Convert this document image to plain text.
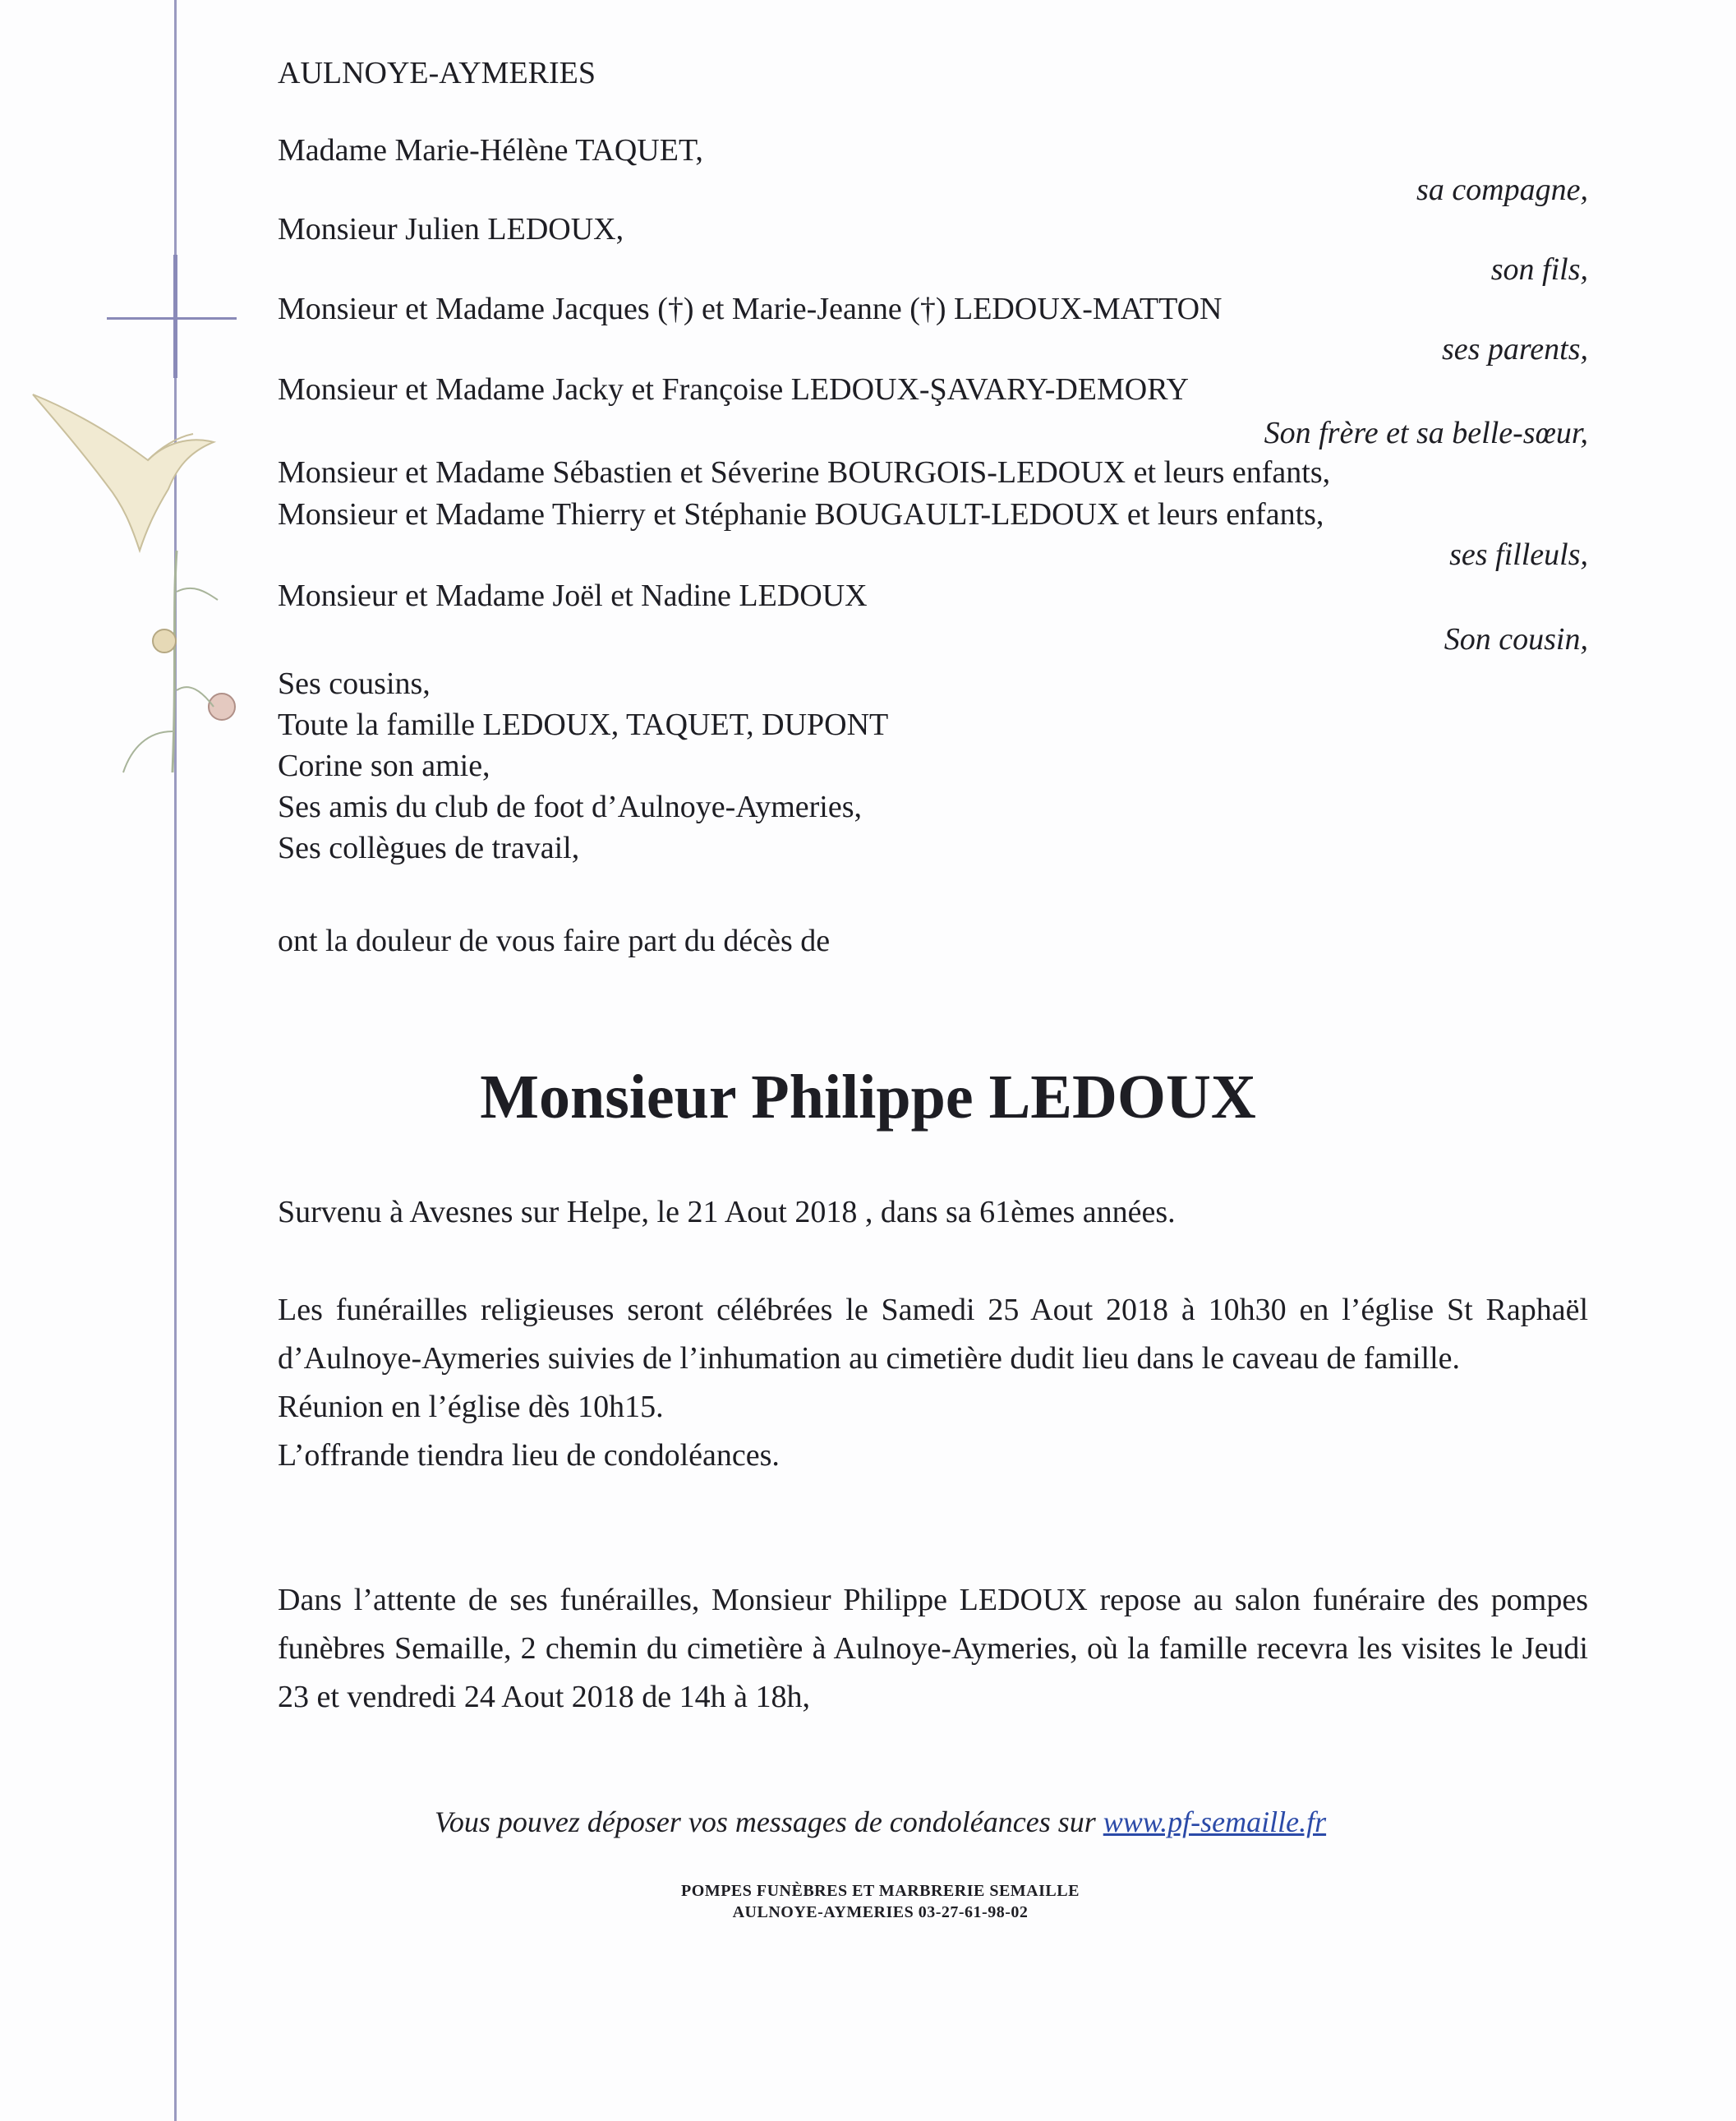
AULNOYE-AYMERIES
Madame Marie-Hélène TAQUET,
sa compagne,
Monsieur Julien LEDOUX,
son fils,
Monsieur et Madame Jacques (†) et Marie-Jeanne (†) LEDOUX-MATTON
ses parents,
Monsieur et Madame Jacky et Françoise LEDOUX-ŞAVARY-DEMORY
Son frère et sa belle-sœur,
Monsieur et Madame Sébastien et Séverine BOURGOIS-LEDOUX et leurs enfants,
Monsieur et Madame Thierry et Stéphanie BOUGAULT-LEDOUX et leurs enfants,
ses filleuls,
Monsieur et Madame Joël et Nadine LEDOUX
Son cousin,
Ses cousins,
Toute la famille LEDOUX, TAQUET, DUPONT
Corine son amie,
Ses amis du club de foot d’Aulnoye-Aymeries,
Ses collègues de travail,
ont la douleur de vous faire part du décès de
Monsieur Philippe LEDOUX
Survenu à Avesnes sur Helpe, le 21 Aout 2018 , dans sa 61èmes années.

Les funérailles religieuses seront célébrées le Samedi 25 Aout 2018 à 10h30 en l’église St Raphaël d’Aulnoye-Aymeries suivies de l’inhumation au cimetière dudit lieu dans le caveau de famille.

Réunion en l’église dès 10h15.

L’offrande tiendra lieu de condoléances.

Dans l’attente de ses funérailles, Monsieur Philippe LEDOUX repose au salon funéraire des pompes funèbres Semaille, 2 chemin du cimetière à Aulnoye-Aymeries, où la famille recevra les visites le Jeudi 23 et vendredi 24 Aout 2018 de 14h à 18h,

Vous pouvez déposer vos messages de condoléances sur www.pf-semaille.fr
POMPES FUNÈBRES ET MARBRERIE SEMAILLE
AULNOYE-AYMERIES 03-27-61-98-02
